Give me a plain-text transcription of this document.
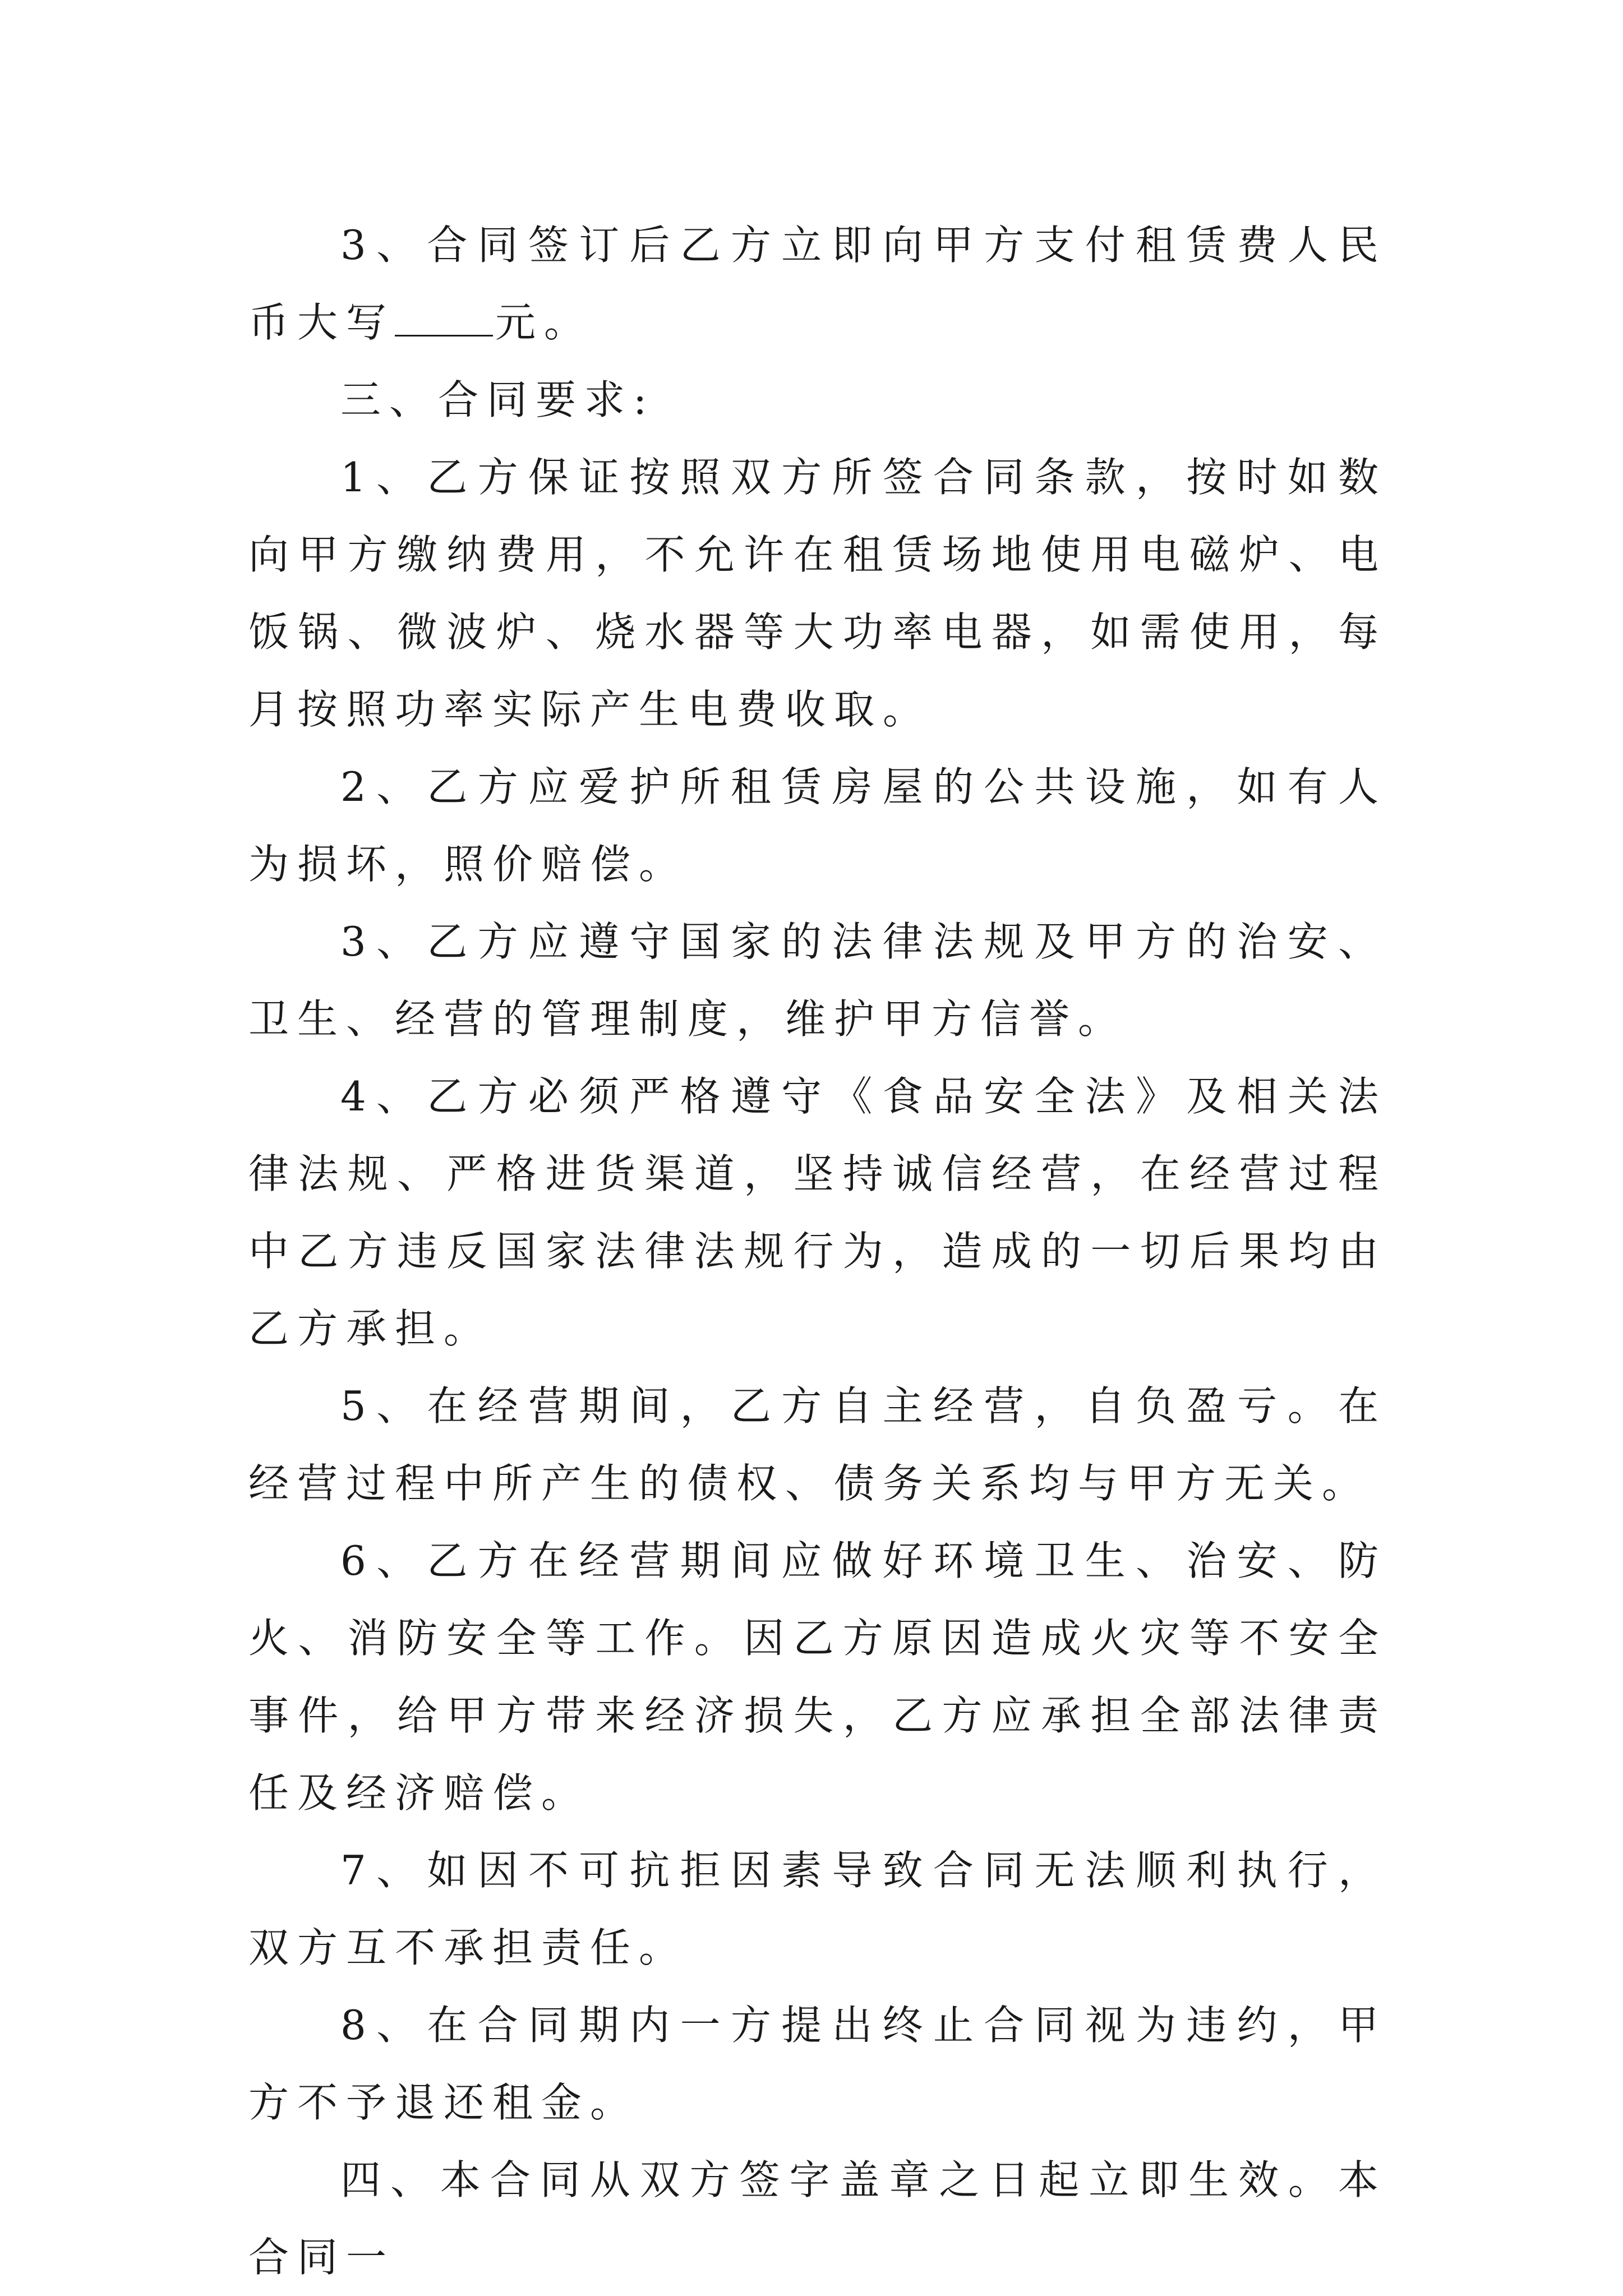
3、合同签订后乙方立即向甲方支付租赁费人民币大写 元。

三、合同要求:

1、乙方保证按照双方所签合同条款，按时如数向甲方缴纳费用，不允许在租赁场地使用电磁炉、电饭锅、微波炉、烧水器等大功率电器，如需使用，每月按照功率实际产生电费收取。

2、乙方应爱护所租赁房屋的公共设施，如有人为损坏，照价赔偿。

3、乙方应遵守国家的法律法规及甲方的治安、卫生、经营的管理制度，维护甲方信誉。

4、乙方必须严格遵守《食品安全法》及相关法律法规、严格进货渠道，坚持诚信经营，在经营过程中乙方违反国家法律法规行为，造成的一切后果均由乙方承担。

5、在经营期间，乙方自主经营，自负盈亏。在经营过程中所产生的债权、债务关系均与甲方无关。

6、乙方在经营期间应做好环境卫生、治安、防火、消防安全等工作。因乙方原因造成火灾等不安全事件，给甲方带来经济损失，乙方应承担全部法律责任及经济赔偿。

7、如因不可抗拒因素导致合同无法顺利执行，双方互不承担责任。

8、在合同期内一方提出终止合同视为违约，甲方不予退还租金。

四、本合同从双方签字盖章之日起立即生效。本合同一
